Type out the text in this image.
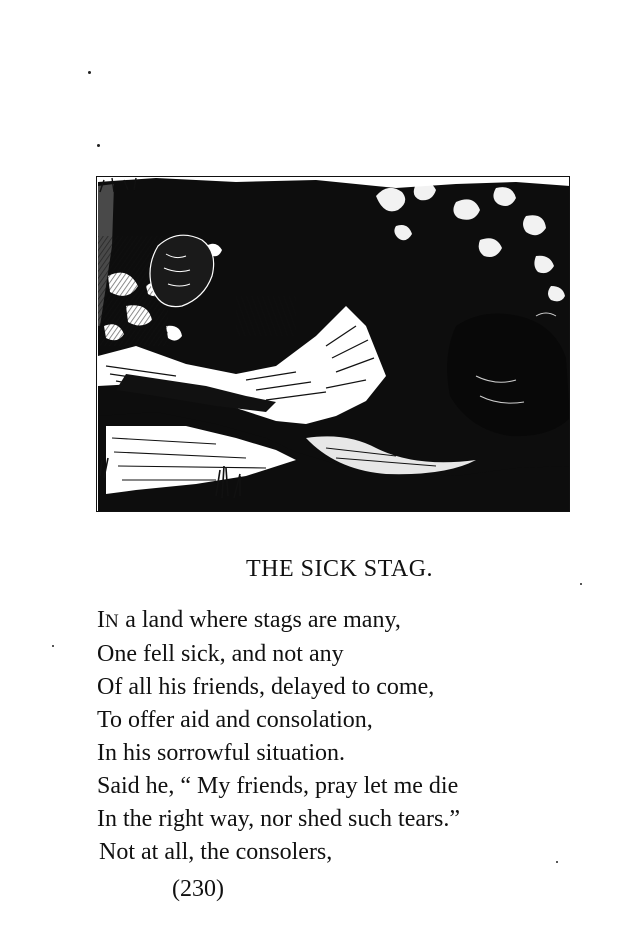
THE SICK STAG.
IN a land where stags are many,
One fell sick, and not any
Of all his friends, delayed to come,
To offer aid and consolation,
In his sorrowful situation.
Said he, “ My friends, pray let me die
In the right way, nor shed such tears.”
Not at all, the consolers,
(230)
